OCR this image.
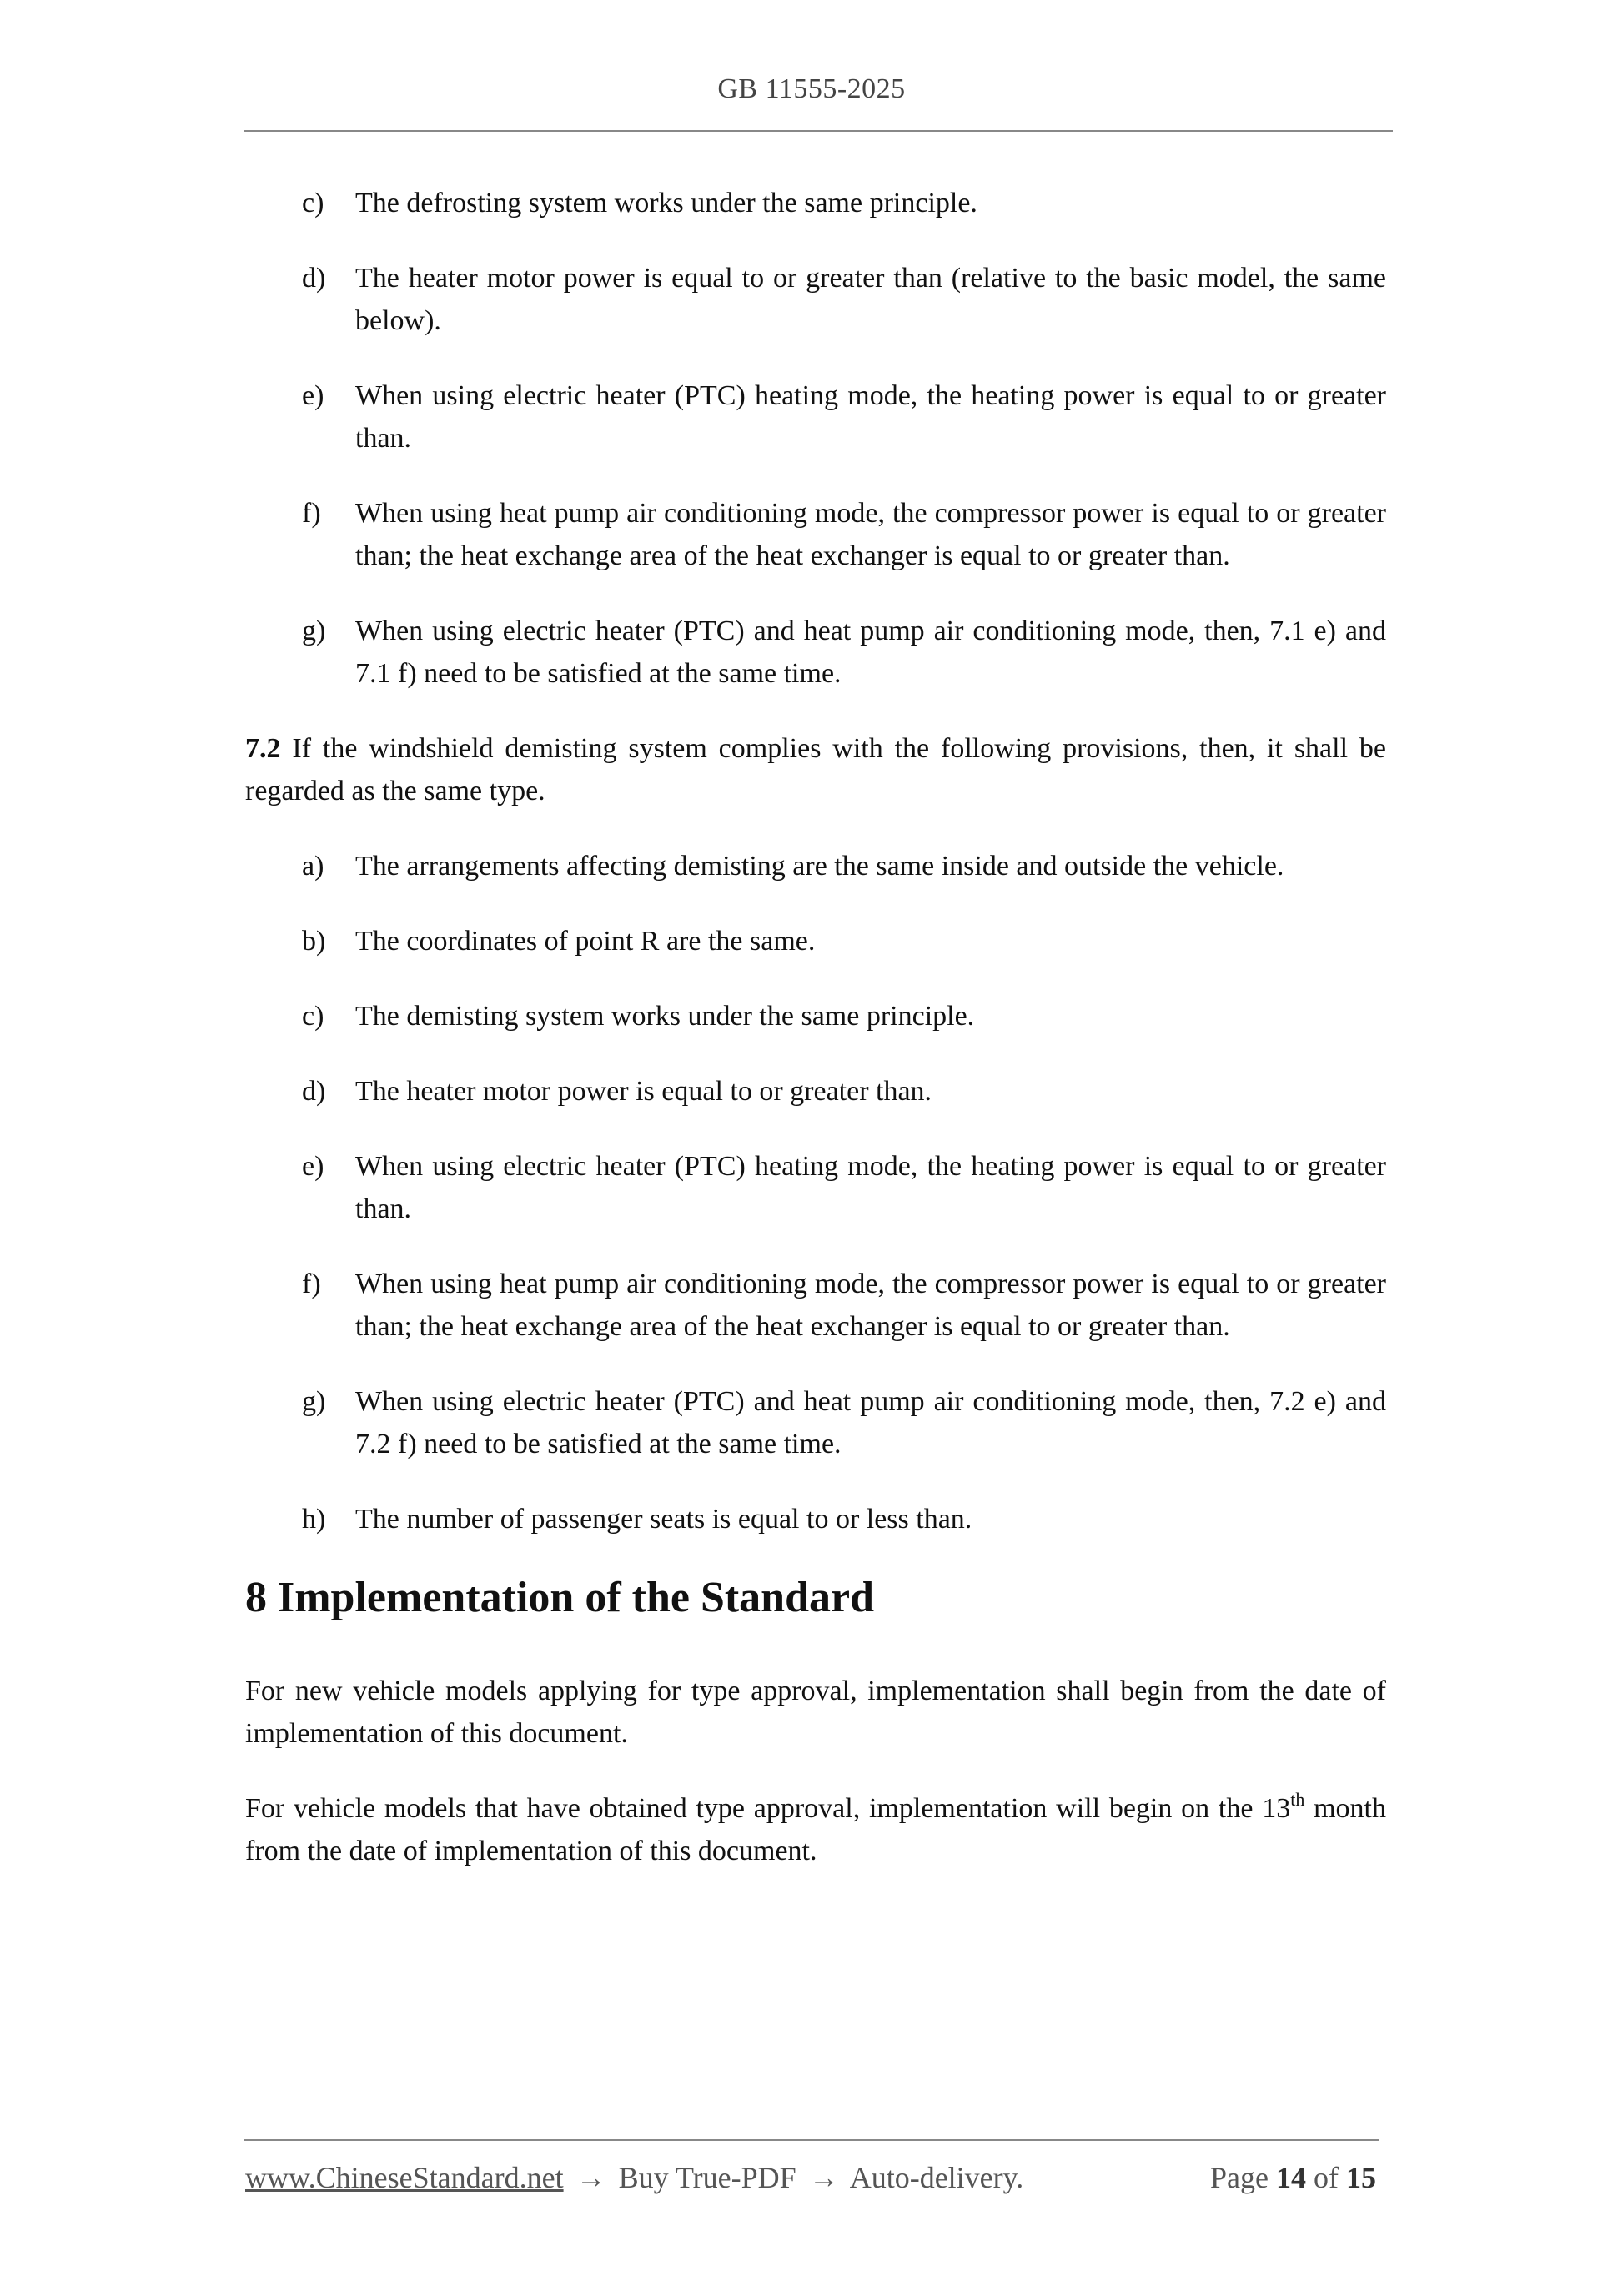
GB 11555-2025
c)	The defrosting system works under the same principle.
d)	The heater motor power is equal to or greater than (relative to the basic model, the same below).
e)	When using electric heater (PTC) heating mode, the heating power is equal to or greater than.
f)	When using heat pump air conditioning mode, the compressor power is equal to or greater than; the heat exchange area of the heat exchanger is equal to or greater than.
g)	When using electric heater (PTC) and heat pump air conditioning mode, then, 7.1 e) and 7.1 f) need to be satisfied at the same time.

7.2 If the windshield demisting system complies with the following provisions, then, it shall be regarded as the same type.

a)	The arrangements affecting demisting are the same inside and outside the vehicle.
b)	The coordinates of point R are the same.
c)	The demisting system works under the same principle.
d)	The heater motor power is equal to or greater than.
e)	When using electric heater (PTC) heating mode, the heating power is equal to or greater than.
f)	When using heat pump air conditioning mode, the compressor power is equal to or greater than; the heat exchange area of the heat exchanger is equal to or greater than.
g)	When using electric heater (PTC) and heat pump air conditioning mode, then, 7.2 e) and 7.2 f) need to be satisfied at the same time.
h)	The number of passenger seats is equal to or less than.
8 Implementation of the Standard

For new vehicle models applying for type approval, implementation shall begin from the date of implementation of this document.

For vehicle models that have obtained type approval, implementation will begin on the 13th month from the date of implementation of this document.

www.ChineseStandard.net → Buy True-PDF → Auto-delivery.	Page 14 of 15
